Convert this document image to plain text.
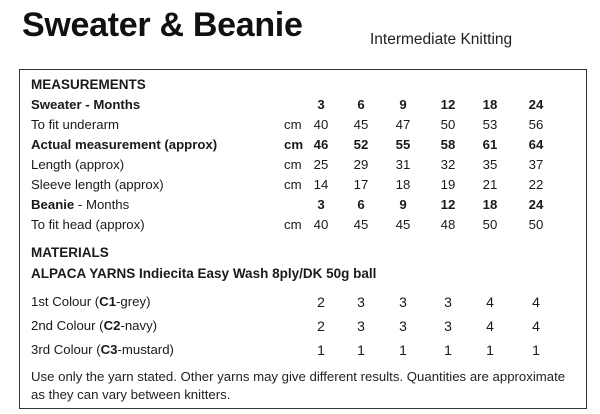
Sweater & Beanie	Intermediate Knitting
MEASUREMENTS
Sweater - Months	3	6	9	12	18	24
To fit underarm	cm 40	45	47	50	53	56
Actual measurement (approx)	cm 46	52	55	58	61	64
Length (approx)	cm 25	29	31	32	35	37
Sleeve length (approx)	cm 14	17	18	19	21	22
Beanie - Months	3	6	9	12	18	24
To fit head (approx)	cm 40	45	45	48	50	50
MATERIALS
ALPACA YARNS Indiecita Easy Wash 8ply/DK 50g ball
1st Colour (C1-grey)	2	3	3	3	4	4
2nd Colour (C2-navy)	2	3	3	3	4	4
3rd Colour (C3-mustard)	1	1	1	1	1	1
Use only the yarn stated. Other yarns may give different results. Quantities are approximate as they can vary between knitters.
